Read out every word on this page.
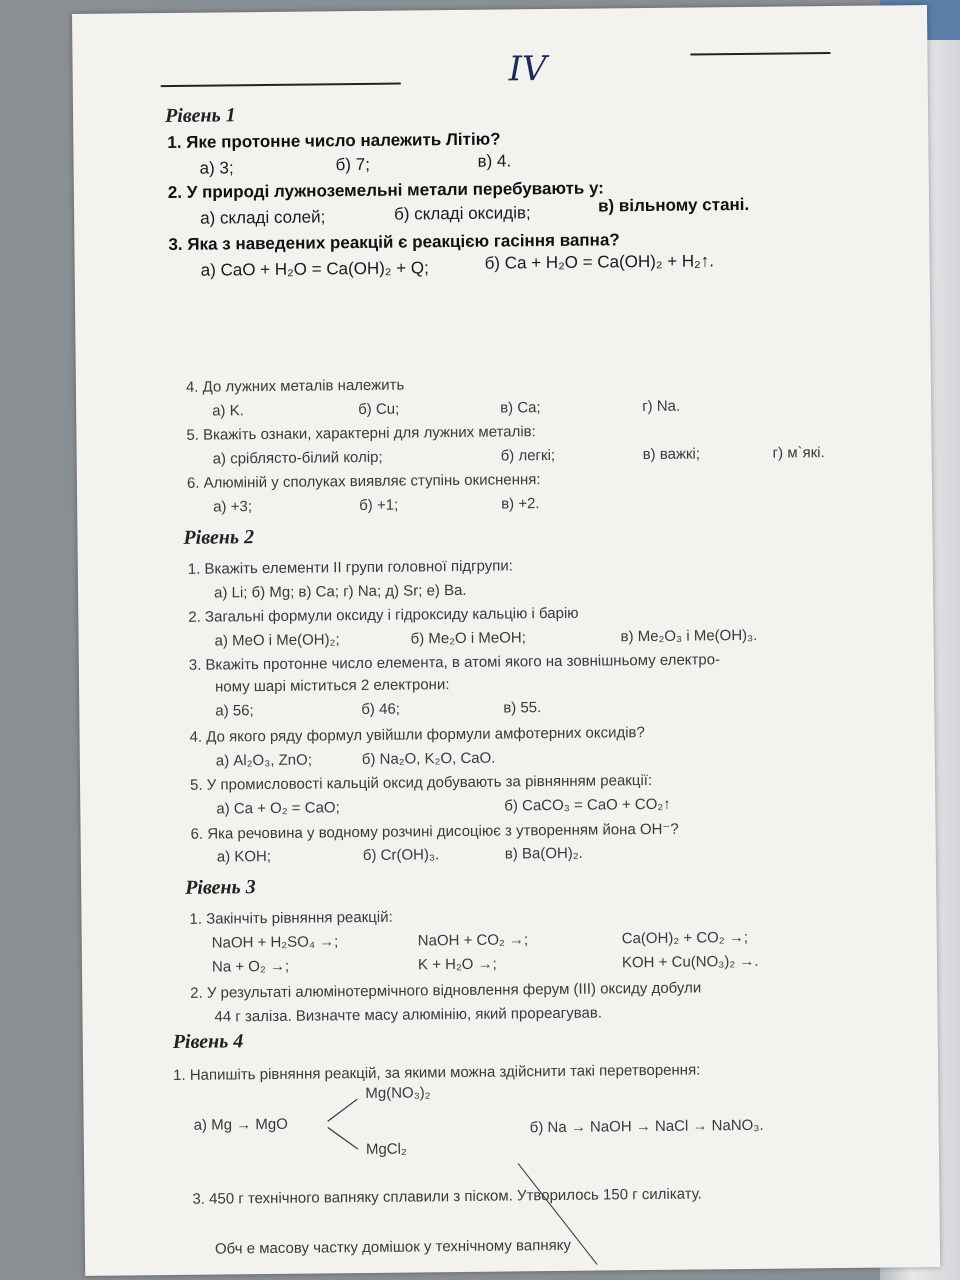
IV
Рівень 1
1. Яке протонне число належить Літію?
а) 3;	б) 7;	в) 4.
2. У природі лужноземельні метали перебувають у:
а) складі солей;	б) складі оксидів;	в) вільному стані.
3. Яка з наведених реакцій є реакцією гасіння вапна?
а) CaO + H₂O = Ca(OH)₂ + Q;	б) Ca + H₂O = Ca(OH)₂ + H₂↑.
4. До лужних металів належить
а) K.	б) Cu;	в) Ca;	г) Na.
5. Вкажіть ознаки, характерні для лужних металів:
а) сріблясто-білий колір;	б) легкі;	в) важкі;	г) м`які.
6. Алюміній у сполуках виявляє ступінь окиснення:
а) +3;	б) +1;	в) +2.
Рівень 2
1. Вкажіть елементи ІІ групи головної підгрупи:
а) Li; б) Mg; в) Ca; г) Na; д) Sr; е) Ba.
2. Загальні формули оксиду і гідроксиду кальцію і барію
а) MeO і Me(OH)₂;	б) Me₂O і MeOH;	в) Me₂O₃ і Me(OH)₃.
3. Вкажіть протонне число елемента, в атомі якого на зовнішньому електро-
ному шарі міститься 2 електрони:
а) 56;	б) 46;	в) 55.
4. До якого ряду формул увійшли формули амфотерних оксидів?
а) Al₂O₃, ZnO;	б) Na₂O, K₂O, CaO.
5. У промисловості кальцій оксид добувають за рівнянням реакції:
а) Ca + O₂ = CaO;	б) CaCO₃ = CaO + CO₂↑
6. Яка речовина у водному розчині дисоціює з утворенням йона OH⁻?
а) KOH;	б) Cr(OH)₃.	в) Ba(OH)₂.
Рівень 3
1. Закінчіть рівняння реакцій:
NaOH + H₂SO₄ →;	NaOH + CO₂ →;	Ca(OH)₂ + CO₂ →;
Na + O₂ →;	K + H₂O →;	KOH + Cu(NO₃)₂ →.
2. У результаті алюмінотермічного відновлення ферум (ІІІ) оксиду добули
44 г заліза. Визначте масу алюмінію, який прореагував.
Рівень 4
1. Напишіть рівняння реакцій, за якими можна здійснити такі перетворення:
а) Mg → MgO
Mg(NO₃)₂
MgCl₂
б) Na → NaOH → NaCl → NaNO₃.
3. 450 г технічного вапняку сплавили з піском. Утворилось 150 г силікату.
Обч е масову частку домішок у технічному вапняку
